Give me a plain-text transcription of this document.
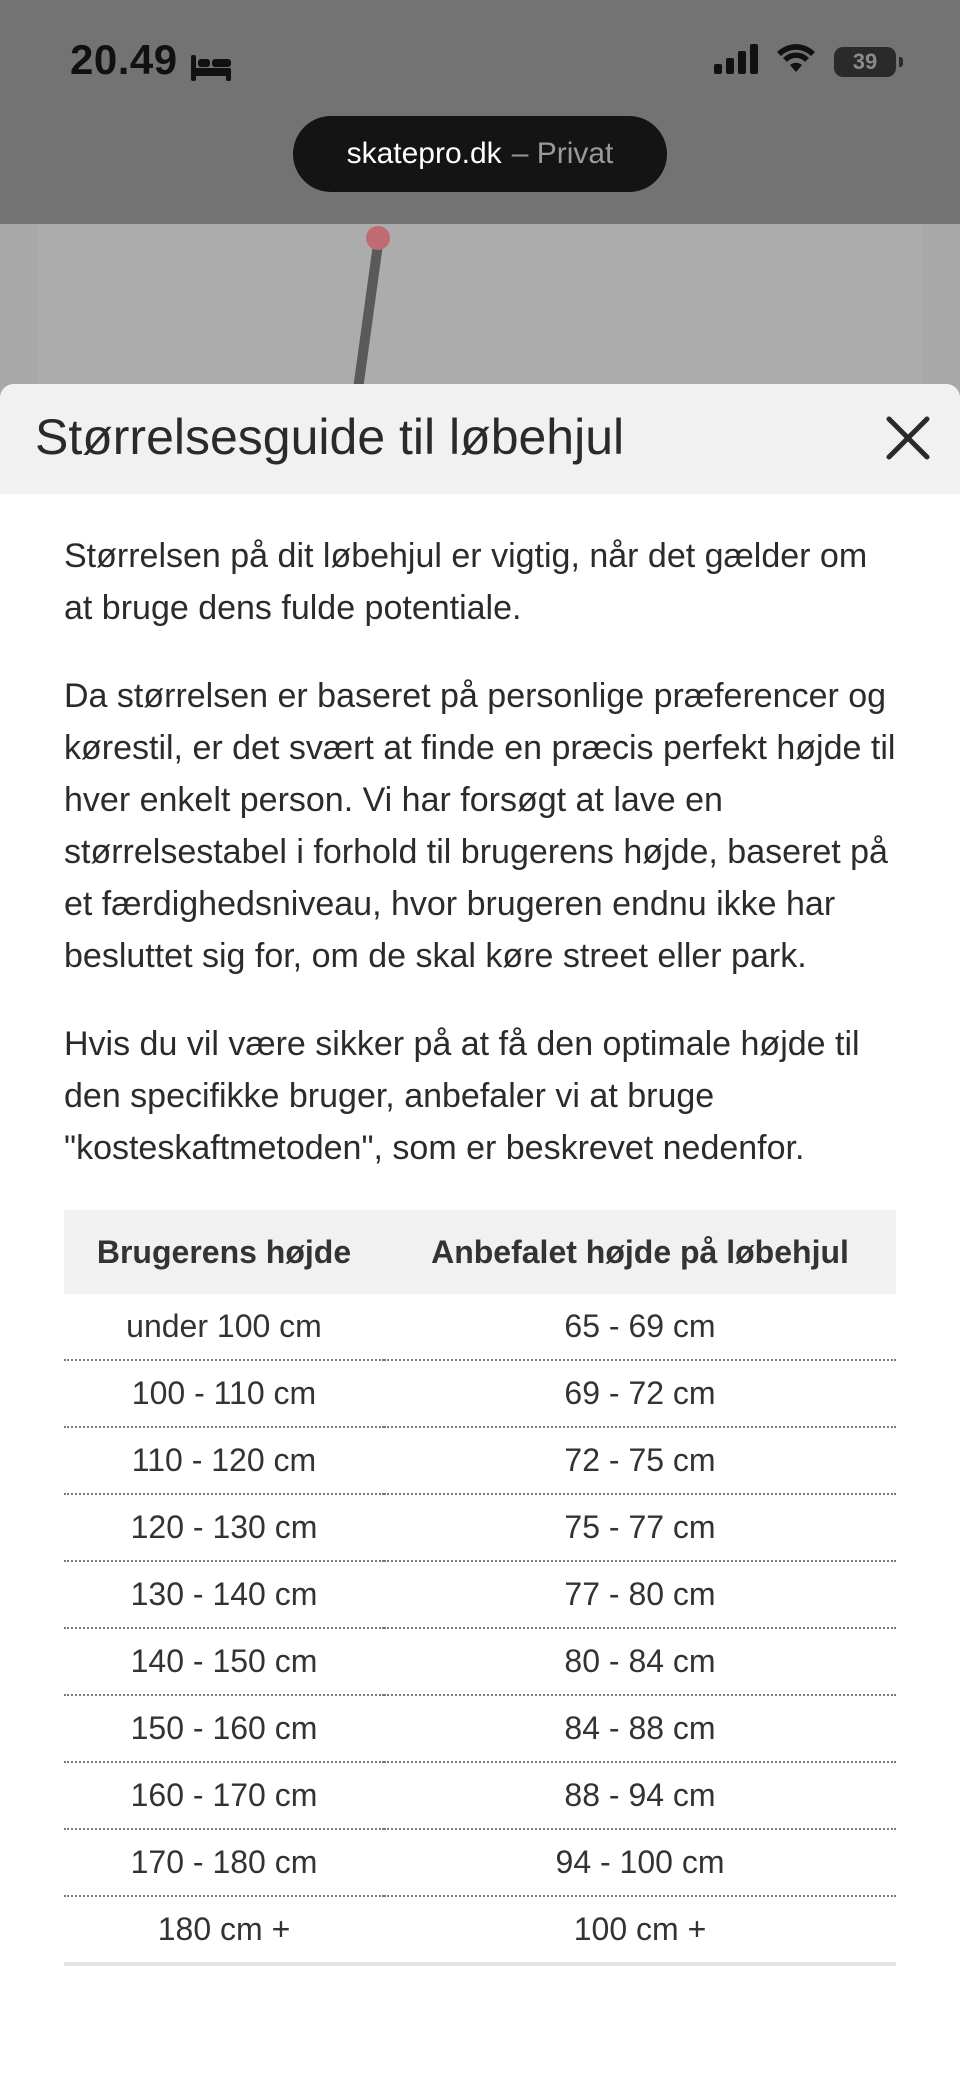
20.49	39
skatepro.dk – Privat
Størrelsesguide til løbehjul

Størrelsen på dit løbehjul er vigtig, når det gælder om at bruge dens fulde potentiale.

Da størrelsen er baseret på personlige præferencer og kørestil, er det svært at finde en præcis perfekt højde til hver enkelt person. Vi har forsøgt at lave en størrelsestabel i forhold til brugerens højde, baseret på et færdighedsniveau, hvor brugeren endnu ikke har besluttet sig for, om de skal køre street eller park.

Hvis du vil være sikker på at få den optimale højde til den specifikke bruger, anbefaler vi at bruge "kosteskaftmetoden", som er beskrevet nedenfor.

Brugerens højde	Anbefalet højde på løbehjul
under 100 cm	65 - 69 cm
100 - 110 cm	69 - 72 cm
110 - 120 cm	72 - 75 cm
120 - 130 cm	75 - 77 cm
130 - 140 cm	77 - 80 cm
140 - 150 cm	80 - 84 cm
150 - 160 cm	84 - 88 cm
160 - 170 cm	88 - 94 cm
170 - 180 cm	94 - 100 cm
180 cm +	100 cm +
